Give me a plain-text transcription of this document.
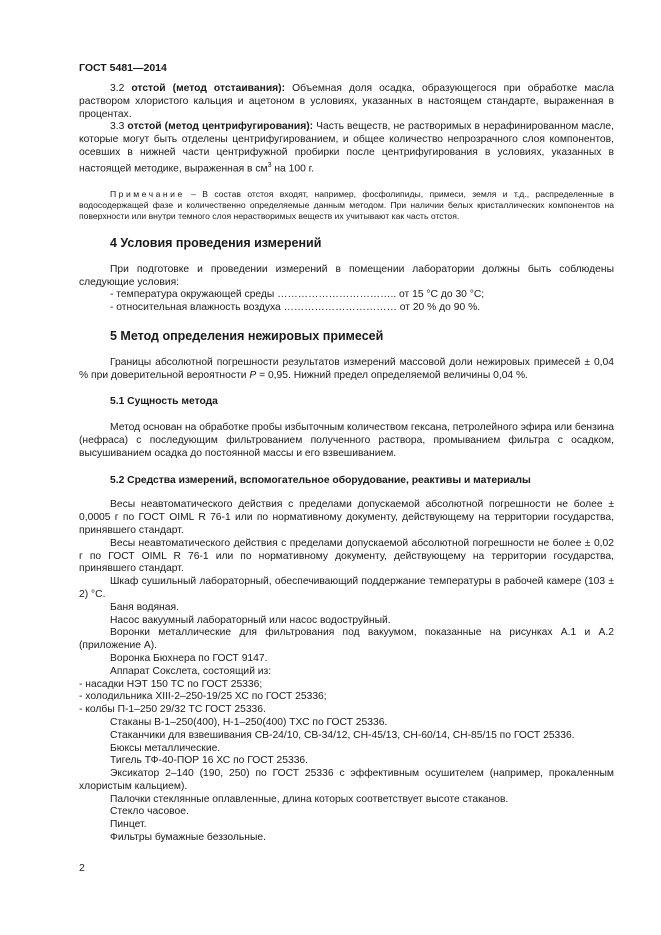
ГОСТ 5481—2014

3.2 отстой (метод отстаивания): Объемная доля осадка, образующегося при обработке масла раствором хлористого кальция и ацетоном в условиях, указанных в настоящем стандарте, выраженная в процентах.

3.3 отстой (метод центрифугирования): Часть веществ, не растворимых в нерафинированном масле, которые могут быть отделены центрифугированием, и общее количество непрозрачного слоя компонентов, осевших в нижней части центрифужной пробирки после центрифугирования в условиях, указанных в настоящей методике, выраженная в $см^3$ на 100 г.

Примечание – В состав отстоя входят, например, фосфолипиды, примеси, земля и т.д., распределенные в водосодержащей фазе и количественно определяемые данным методом. При наличии белых кристаллических компонентов на поверхности или внутри темного слоя нерастворимых веществ их учитывают как часть отстоя.

4 Условия проведения измерений

При подготовке и проведении измерений в помещении лаборатории должны быть соблюдены следующие условия:

- температура окружающей среды …………………………….. от 15 °С до 30 °С;

- относительная влажность воздуха …………………………… от 20 % до 90 %.

5 Метод определения нежировых примесей

Границы абсолютной погрешности результатов измерений массовой доли нежировых примесей ± 0,04 % при доверительной вероятности Р = 0,95. Нижний предел определяемой величины 0,04 %.

5.1 Сущность метода

Метод основан на обработке пробы избыточным количеством гексана, петролейного эфира или бензина (нефраса) с последующим фильтрованием полученного раствора, промыванием фильтра с осадком, высушиванием осадка до постоянной массы и его взвешиванием.

5.2 Средства измерений, вспомогательное оборудование, реактивы и материалы

Весы неавтоматического действия с пределами допускаемой абсолютной погрешности не более ± 0,0005 г по ГОСТ OIML R 76-1 или по нормативному документу, действующему на территории государства, принявшего стандарт.

Весы неавтоматического действия с пределами допускаемой абсолютной погрешности не более ± 0,02 г по ГОСТ OIML R 76-1 или по нормативному документу, действующему на территории государства, принявшего стандарт.

Шкаф сушильный лабораторный, обеспечивающий поддержание температуры в рабочей камере (103 ± 2) °С.

Баня водяная.

Насос вакуумный лабораторный или насос водоструйный.

Воронки металлические для фильтрования под вакуумом, показанные на рисунках А.1 и А.2 (приложение А).

Воронка Бюхнера по ГОСТ 9147.

Аппарат Сокслета, состоящий из:

- насадки НЭТ 150 ТС по ГОСТ 25336;

- холодильника ХIII-2–250-19/25 ХС по ГОСТ 25336;

- колбы П-1–250 29/32 ТС ГОСТ 25336.

Стаканы В-1–250(400), Н-1–250(400) ТХС по ГОСТ 25336.

Стаканчики для взвешивания СВ-24/10, СВ-34/12, СН-45/13, СН-60/14, СН-85/15 по ГОСТ 25336.

Бюксы металлические.

Тигель ТФ-40-ПОР 16 ХС по ГОСТ 25336.

Эксикатор 2–140 (190, 250) по ГОСТ 25336 с эффективным осушителем (например, прокаленным хлористым кальцием).

Палочки стеклянные оплавленные, длина которых соответствует высоте стаканов.

Стекло часовое.

Пинцет.

Фильтры бумажные беззольные.

2
